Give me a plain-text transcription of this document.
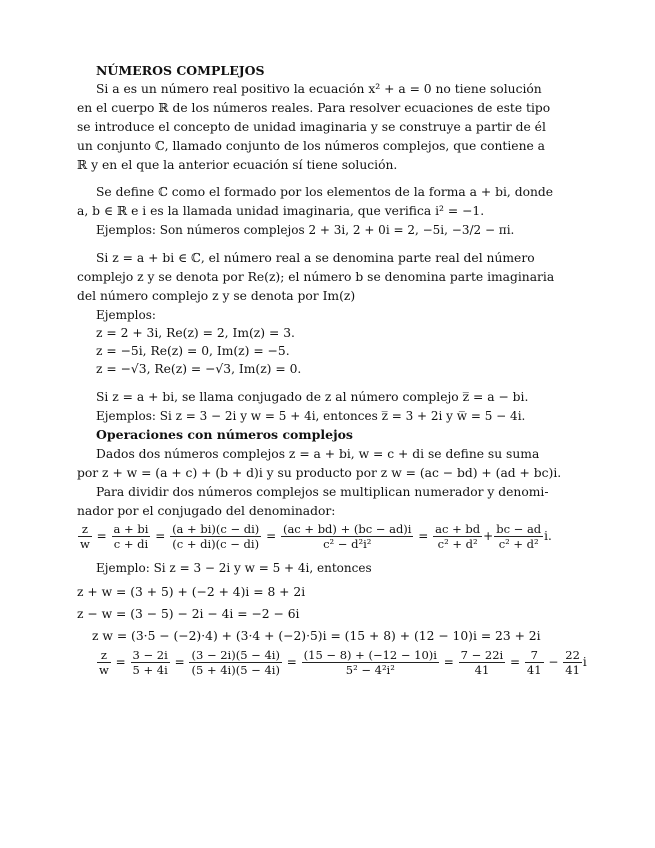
NÚMEROS COMPLEJOS
Si a es un número real positivo la ecuación x² + a = 0 no tiene solución
en el cuerpo ℝ de los números reales. Para resolver ecuaciones de este tipo
se introduce el concepto de unidad imaginaria y se construye a partir de él
un conjunto ℂ, llamado conjunto de los números complejos, que contiene a
ℝ y en el que la anterior ecuación sí tiene solución.
Se define ℂ como el formado por los elementos de la forma a + bi, donde
a, b ∈ ℝ e i es la llamada unidad imaginaria, que verifica i² = −1.
Ejemplos: Son números complejos 2 + 3i, 2 + 0i = 2, −5i, −3/2 − πi.
Si z = a + bi ∈ ℂ, el número real a se denomina parte real del número
complejo z y se denota por Re(z); el número b se denomina parte imaginaria
del número complejo z y se denota por Im(z)
Ejemplos:
z = 2 + 3i, Re(z) = 2, Im(z) = 3.
z = −5i, Re(z) = 0, Im(z) = −5.
z = −√3, Re(z) = −√3, Im(z) = 0.
Si z = a + bi, se llama conjugado de z al número complejo z̅ = a − bi.
Ejemplos: Si z = 3 − 2i y w = 5 + 4i, entonces z̅ = 3 + 2i y w̅ = 5 − 4i.
Operaciones con números complejos
Dados dos números complejos z = a + bi, w = c + di se define su suma
por z + w = (a + c) + (b + d)i y su producto por z w = (ac − bd) + (ad + bc)i.
Para dividir dos números complejos se multiplican numerador y denomi-
nador por el conjugado del denominador:
$\frac{z}{w} = \frac{a + bi}{c + di} = \frac{(a + bi)(c - di)}{(c + di)(c - di)} = \frac{(ac + bd) + (bc - ad)i}{\text{c² − d²i²}} = \frac{ac + bd}{\text{c² + d²}} + \frac{bc - ad}{\text{c² + d²}} i$.
Ejemplo: Si z = 3 − 2i y w = 5 + 4i, entonces
z + w = (3 + 5) + (−2 + 4)i = 8 + 2i
z − w = (3 − 5) − 2i − 4i = −2 − 6i
z w = (3·5 − (−2)·4) + (3·4 + (−2)·5)i = (15 + 8) + (12 − 10)i = 23 + 2i
$\frac{z}{w} = \frac{3 - 2i}{5 + 4i} = \frac{(3 - 2i)(5 - 4i)}{(5 + 4i)(5 - 4i)} = \frac{(15 - 8) + (-12 - 10)i}{\text{5² − 4²i²}} = \frac{7 - 22i}{41} = \frac{7}{41} - \frac{22}{41}$ i
